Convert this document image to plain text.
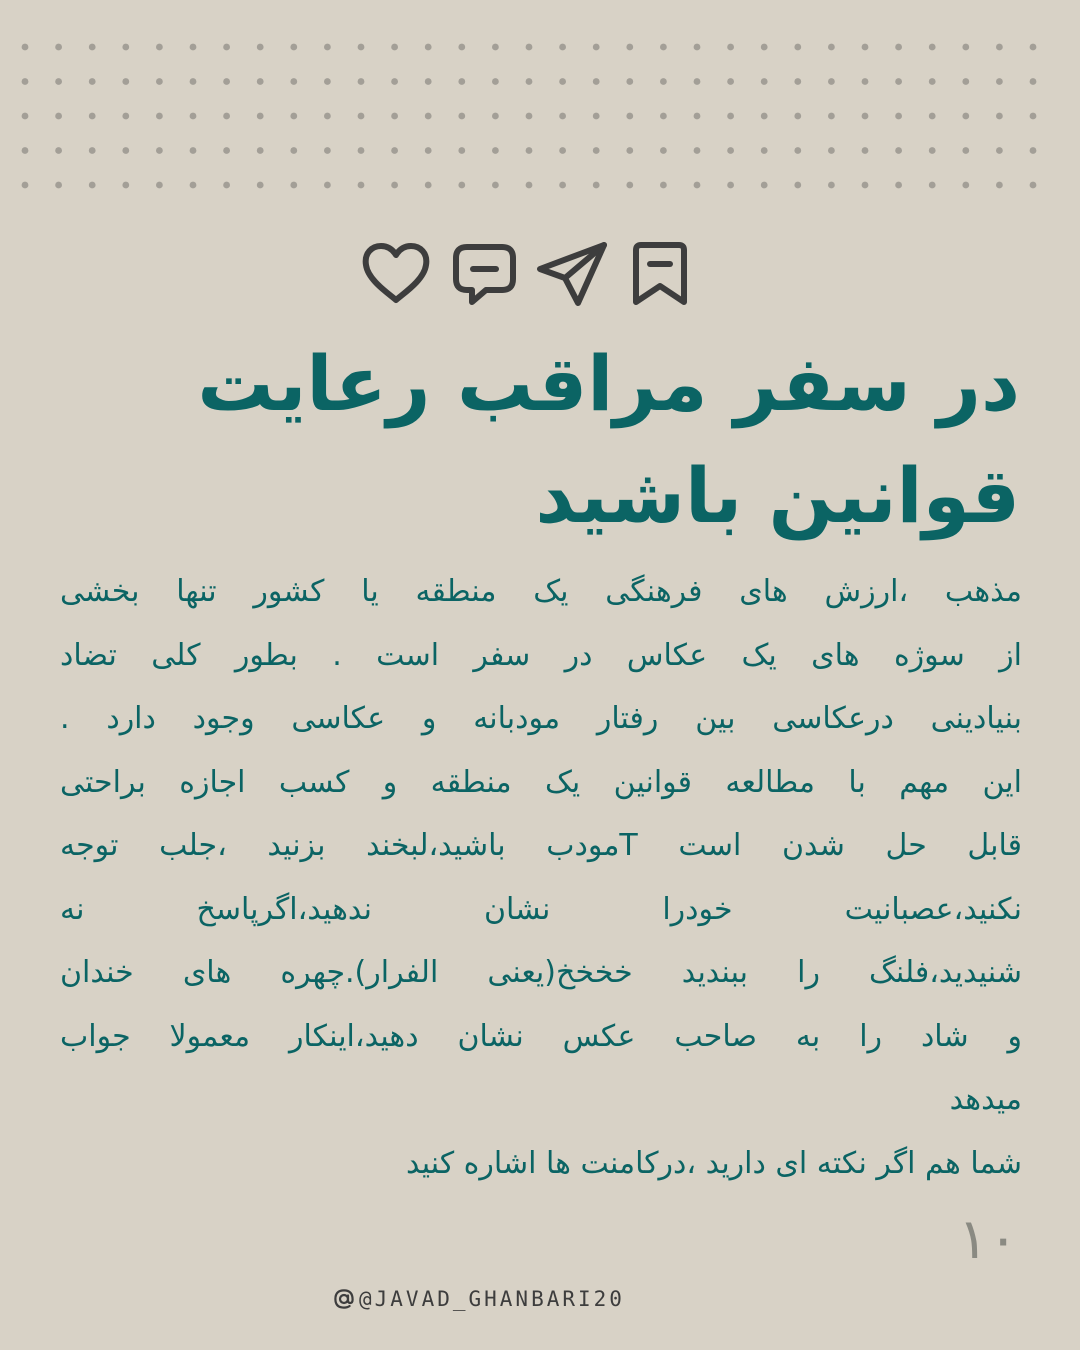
در سفر مراقب رعایت
قوانین باشید
مذهب ،ارزش های فرهنگی یک منطقه یا کشور تنها بخشی
از سوژه های یک عکاس در سفر است . بطور کلی تضاد
بنیادینی درعکاسی بین رفتار مودبانه و عکاسی وجود دارد .
این مهم با مطالعه قوانین یک منطقه و کسب اجازه براحتی
قابل حل شدن است Tمودب باشید،لبخند بزنید ،جلب توجه
نکنید،عصبانیت خودرا نشان ندهید،اگرپاسخ نه
شنیدید،فلنگ را ببندید خخخخ(یعنی الفرار).چهره های خندان
و شاد را به صاحب عکس نشان دهید،اینکار معمولا جواب
میدهد
شما هم اگر نکته ای دارید ،درکامنت ها اشاره کنید
۱۰
@JAVAD_GHANBARI20
